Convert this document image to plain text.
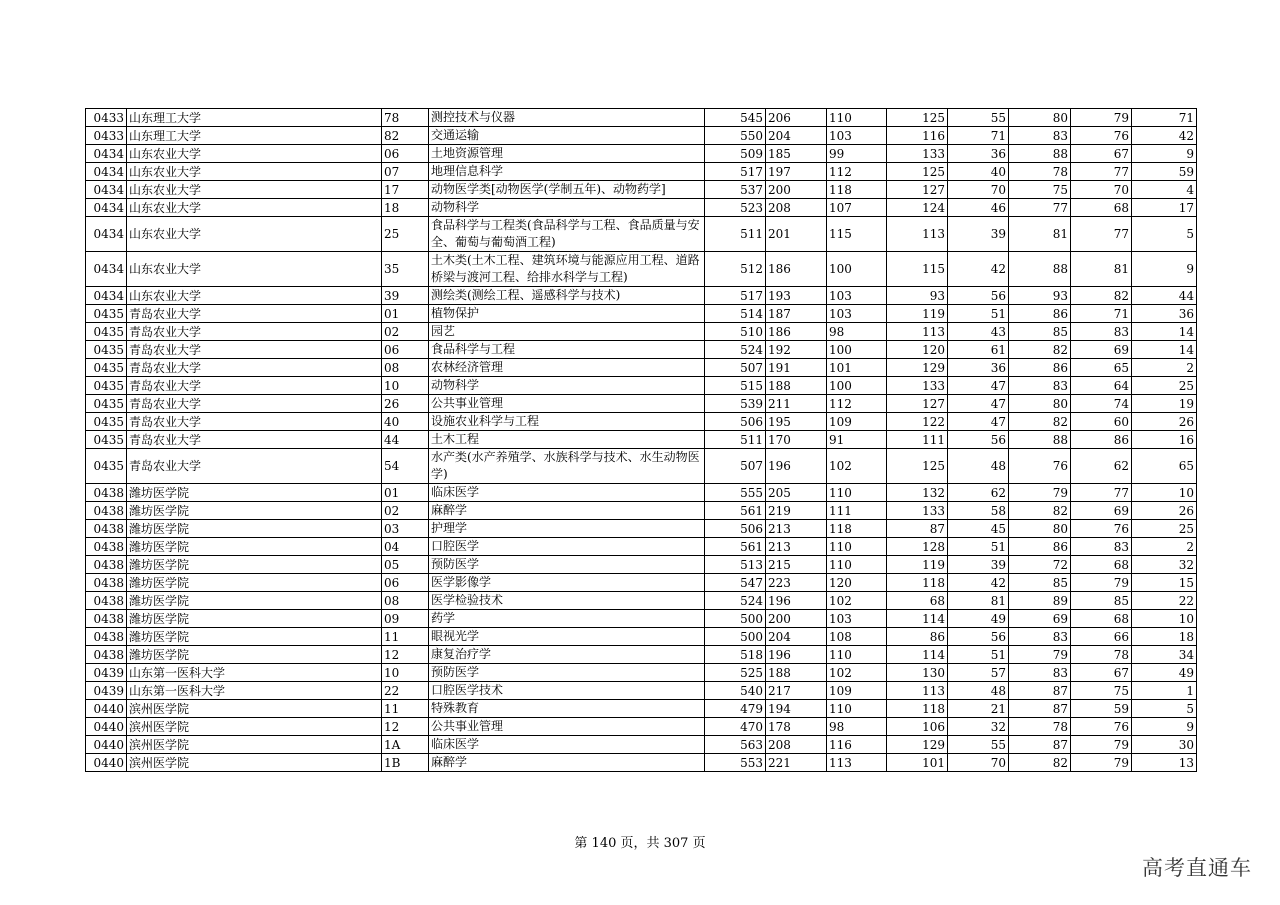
0433	山东理工大学	78	测控技术与仪器	545	206	110	125	55	80	79	71
0433	山东理工大学	82	交通运输	550	204	103	116	71	83	76	42
0434	山东农业大学	06	土地资源管理	509	185	99	133	36	88	67	9
0434	山东农业大学	07	地理信息科学	517	197	112	125	40	78	77	59
0434	山东农业大学	17	动物医学类[动物医学(学制五年)、动物药学]	537	200	118	127	70	75	70	4
0434	山东农业大学	18	动物科学	523	208	107	124	46	77	68	17
0434	山东农业大学	25	食品科学与工程类(食品科学与工程、食品质量与安全、葡萄与葡萄酒工程)	511	201	115	113	39	81	77	5
0434	山东农业大学	35	土木类(土木工程、建筑环境与能源应用工程、道路桥梁与渡河工程、给排水科学与工程)	512	186	100	115	42	88	81	9
0434	山东农业大学	39	测绘类(测绘工程、遥感科学与技术)	517	193	103	93	56	93	82	44
0435	青岛农业大学	01	植物保护	514	187	103	119	51	86	71	36
0435	青岛农业大学	02	园艺	510	186	98	113	43	85	83	14
0435	青岛农业大学	06	食品科学与工程	524	192	100	120	61	82	69	14
0435	青岛农业大学	08	农林经济管理	507	191	101	129	36	86	65	2
0435	青岛农业大学	10	动物科学	515	188	100	133	47	83	64	25
0435	青岛农业大学	26	公共事业管理	539	211	112	127	47	80	74	19
0435	青岛农业大学	40	设施农业科学与工程	506	195	109	122	47	82	60	26
0435	青岛农业大学	44	土木工程	511	170	91	111	56	88	86	16
0435	青岛农业大学	54	水产类(水产养殖学、水族科学与技术、水生动物医学)	507	196	102	125	48	76	62	65
0438	潍坊医学院	01	临床医学	555	205	110	132	62	79	77	10
0438	潍坊医学院	02	麻醉学	561	219	111	133	58	82	69	26
0438	潍坊医学院	03	护理学	506	213	118	87	45	80	76	25
0438	潍坊医学院	04	口腔医学	561	213	110	128	51	86	83	2
0438	潍坊医学院	05	预防医学	513	215	110	119	39	72	68	32
0438	潍坊医学院	06	医学影像学	547	223	120	118	42	85	79	15
0438	潍坊医学院	08	医学检验技术	524	196	102	68	81	89	85	22
0438	潍坊医学院	09	药学	500	200	103	114	49	69	68	10
0438	潍坊医学院	11	眼视光学	500	204	108	86	56	83	66	18
0438	潍坊医学院	12	康复治疗学	518	196	110	114	51	79	78	34
0439	山东第一医科大学	10	预防医学	525	188	102	130	57	83	67	49
0439	山东第一医科大学	22	口腔医学技术	540	217	109	113	48	87	75	1
0440	滨州医学院	11	特殊教育	479	194	110	118	21	87	59	5
0440	滨州医学院	12	公共事业管理	470	178	98	106	32	78	76	9
0440	滨州医学院	1A	临床医学	563	208	116	129	55	87	79	30
0440	滨州医学院	1B	麻醉学	553	221	113	101	70	82	79	13
第 140 页，共 307 页
高考直通车
